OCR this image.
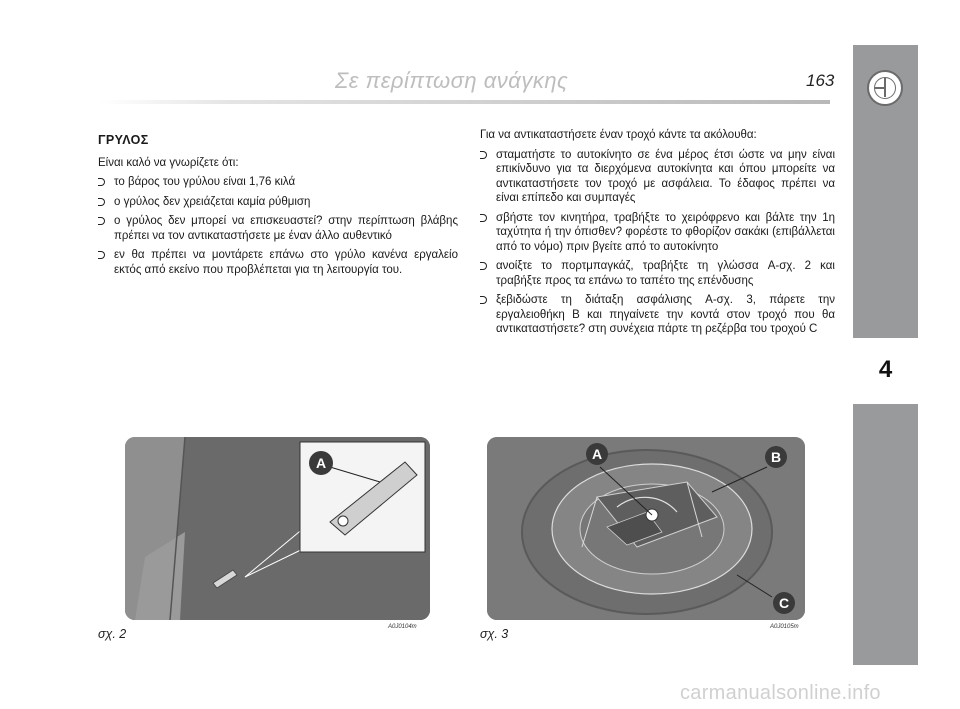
Σε περίπτωση ανάγκης	163
4
ΓΡΥΛΟΣ
Είναι καλό να γνωρίζετε ότι:
το βάρος του γρύλου είναι 1,76 κιλά
ο γρύλος δεν χρειάζεται καμία ρύθμιση
ο γρύλος δεν μπορεί να επισκευαστεί? στην περίπτωση βλάβης πρέπει να τον αντικαταστήσετε με έναν άλλο αυθεντικό
εν θα πρέπει να μοντάρετε επάνω στο γρύλο κανένα εργαλείο εκτός από εκείνο που προβλέπεται για τη λειτουργία του.
Για να αντικαταστήσετε έναν τροχό κάντε τα ακόλουθα:
σταματήστε το αυτοκίνητο σε ένα μέρος έτσι ώστε να μην είναι επικίνδυνο για τα διερχόμενα αυτοκίνητα και όπου μπορείτε να αντικαταστήσετε τον τροχό με ασφάλεια. Το έδαφος πρέπει να είναι επίπεδο και συμπαγές
σβήστε τον κινητήρα, τραβήξτε το χειρόφρενο και βάλτε την 1η ταχύτητα ή την όπισθεν? φορέστε το φθορίζον σακάκι (επιβάλλεται από το νόμο) πριν βγείτε από το αυτοκίνητο
ανοίξτε το πορτμπαγκάζ, τραβήξτε τη γλώσσα A-σχ. 2 και τραβήξτε προς τα επάνω το ταπέτο της επένδυσης
ξεβιδώστε τη διάταξη ασφάλισης A-σχ. 3, πάρετε την εργαλειοθήκη B και πηγαίνετε την κοντά στον τροχό που θα αντικαταστήσετε? στη συνέχεια πάρτε τη ρεζέρβα του τροχού C
A
σχ. 2	A0J0104m
A	B
C
σχ. 3	A0J0105m
carmanualsonline.info
